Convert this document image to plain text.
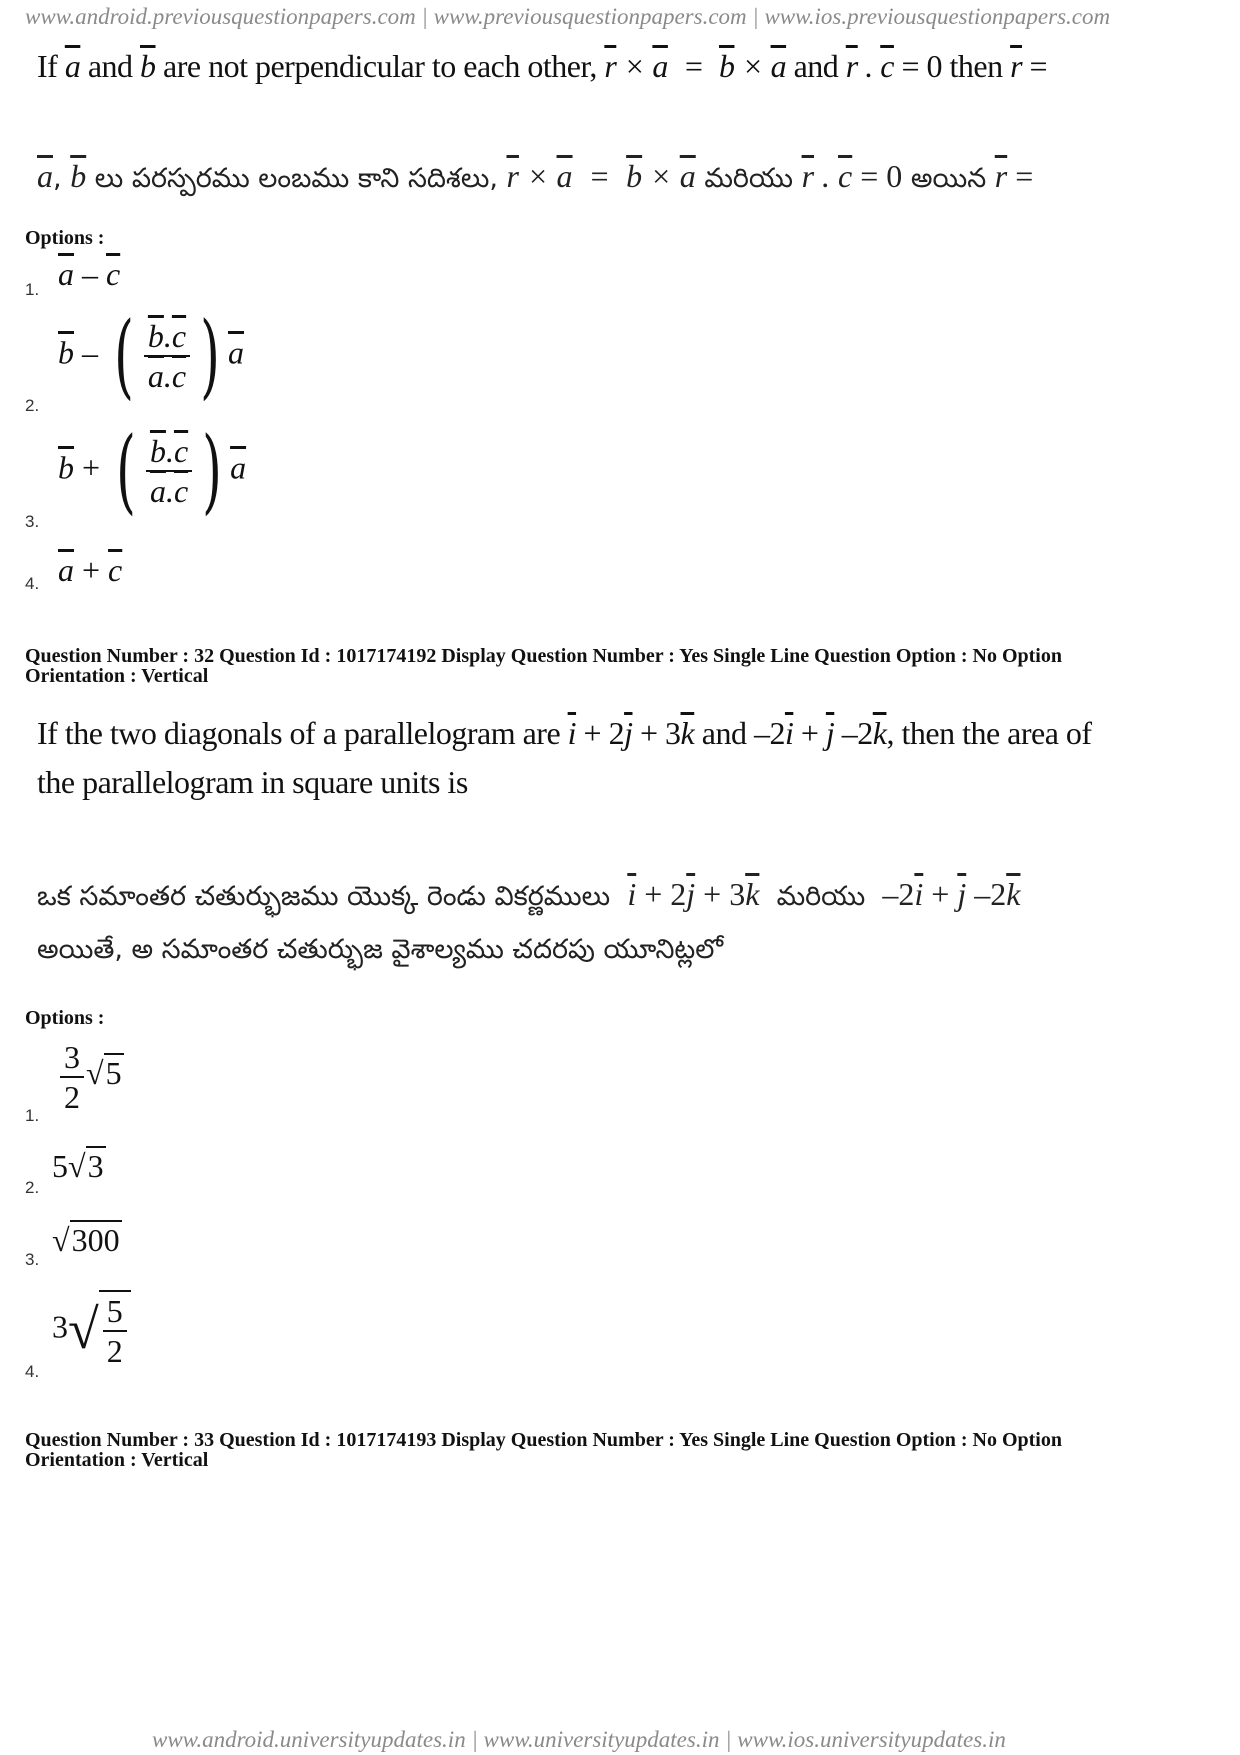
www.android.previousquestionpapers.com | www.previousquestionpapers.com | www.ios.previousquestionpapers.com
If $\overline{a}$ and $\overline{b}$ are not perpendicular to each other, $\overline{r} \times \overline{a} = \overline{b} \times \overline{a}$ and $\overline{r}$ . $\overline{c} = 0$ then $\overline{r}$ =
$\overline{a}$, $\overline{b}$ లు పరస్పరము లంబము కాని సదిశలు, $\overline{r} \times \overline{a} = \overline{b} \times \overline{a}$ మరియు $\overline{r}$ . $\overline{c} = 0$ అయిన $\overline{r}$ =
Options :
1. $\overline{a} - \overline{c}$
2.
$\overline{b}$ – ( $\frac{\overline{b}.\overline{c}}{\overline{a}.\overline{c}}$ ) $\overline{a}$
3.
$\overline{b}$ + ( $\frac{\overline{b}.\overline{c}}{\overline{a}.\overline{c}}$ ) $\overline{a}$
4. $\overline{a} + \overline{c}$
Question Number : 32 Question Id : 1017174192 Display Question Number : Yes Single Line Question Option : No Option
Orientation : Vertical
If the two diagonals of a parallelogram are $\overline{i} + 2\overline{j} + 3\overline{k}$ and $-2\overline{i} + \overline{j}$ $-2\overline{k}$, then the area of
the parallelogram in square units is
ఒక సమాంతర చతుర్భుజము యొక్క రెండు వికర్ణములు $\overline{i} + 2\overline{j} + 3\overline{k}$ మరియు $-2\overline{i} + \overline{j}$ $-2\overline{k}$
అయితే, అ సమాంతర చతుర్భుజ వైశాల్యము చదరపు యూనిట్లలో
Options :
1. $\frac{3}{2} √5$
2.
5√3
3.
√300
4.
$3√ \frac{5}{2}$
Question Number : 33 Question Id : 1017174193 Display Question Number : Yes Single Line Question Option : No Option
Orientation : Vertical
www.android.universityupdates.in | www.universityupdates.in | www.ios.universityupdates.in
